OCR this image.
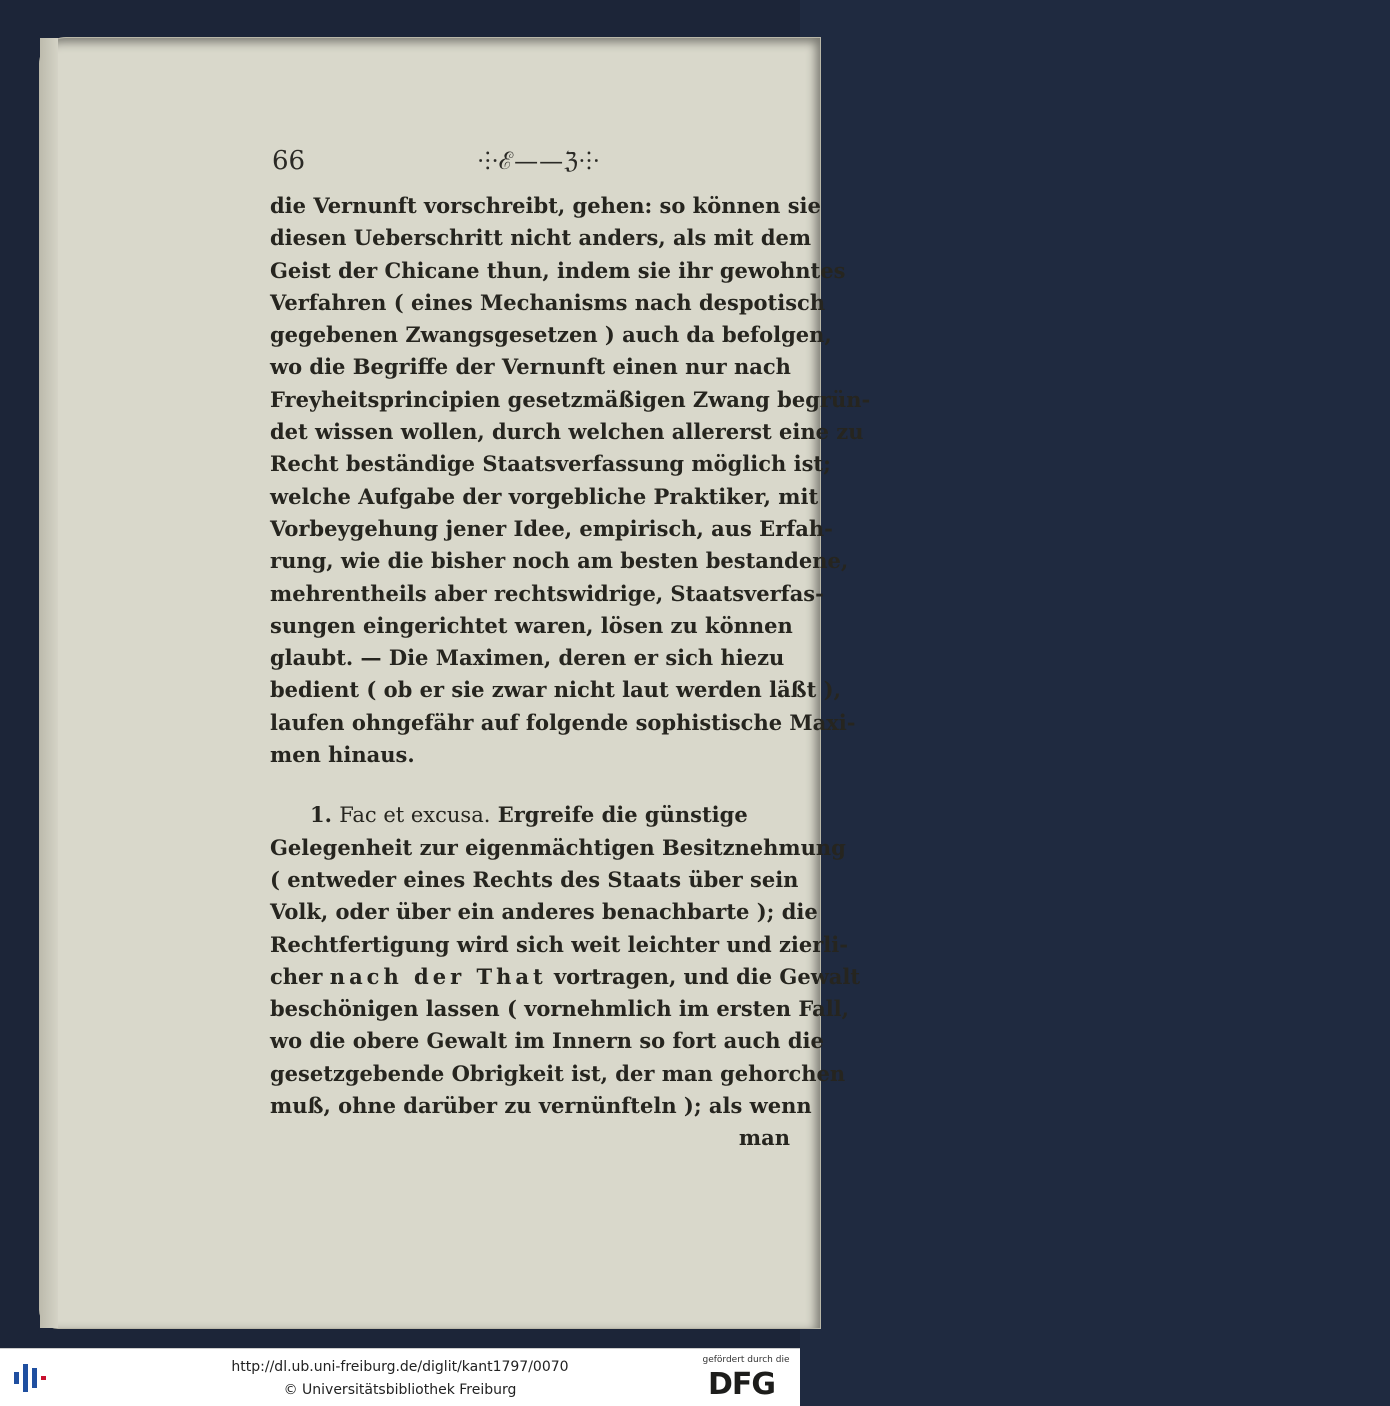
66	⸭ℰ——ℨ⸭
die Vernunft vorschreibt, gehen: so können sie
diesen Ueberschritt nicht anders, als mit dem
Geist der Chicane thun, indem sie ihr gewohntes
Verfahren ( eines Mechanisms nach despotisch
gegebenen Zwangsgesetzen ) auch da befolgen,
wo die Begriffe der Vernunft einen nur nach
Freyheitsprincipien gesetzmäßigen Zwang begrün-
det wissen wollen, durch welchen allererst eine zu
Recht beständige Staatsverfassung möglich ist;
welche Aufgabe der vorgebliche Praktiker, mit
Vorbeygehung jener Idee, empirisch, aus Erfah-
rung, wie die bisher noch am besten bestandene,
mehrentheils aber rechtswidrige, Staatsverfas-
sungen eingerichtet waren, lösen zu können
glaubt. — Die Maximen, deren er sich hiezu
bedient ( ob er sie zwar nicht laut werden läßt ),
laufen ohngefähr auf folgende sophistische Maxi-
men hinaus.
1. Fac et excusa. Ergreife die günstige
Gelegenheit zur eigenmächtigen Besitznehmung
( entweder eines Rechts des Staats über sein
Volk, oder über ein anderes benachbarte ); die
Rechtfertigung wird sich weit leichter und zierli-
cher nach der That vortragen, und die Gewalt
beschönigen lassen ( vornehmlich im ersten Fall,
wo die obere Gewalt im Innern so fort auch die
gesetzgebende Obrigkeit ist, der man gehorchen
muß, ohne darüber zu vernünfteln ); als wenn
man
http://dl.ub.uni-freiburg.de/diglit/kant1797/0070
© Universitätsbibliothek Freiburg
gefördert durch die
DFG
